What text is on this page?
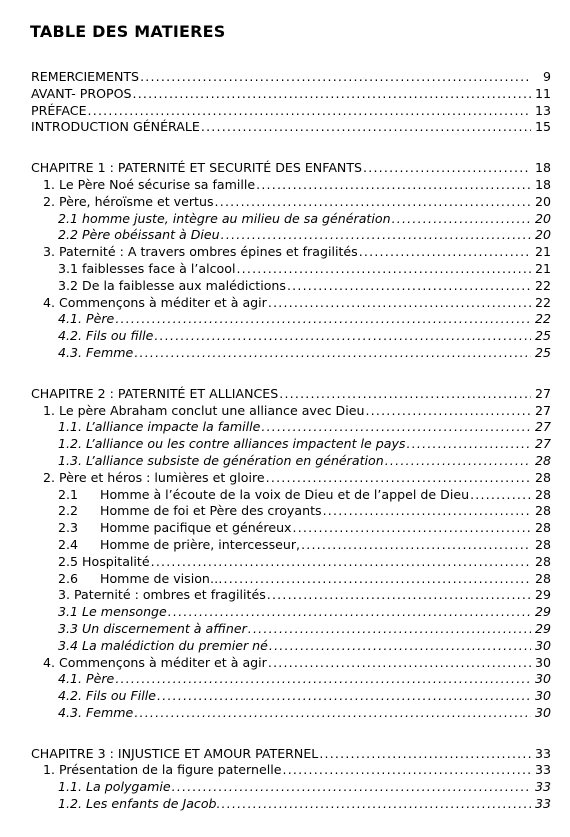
TABLE DES MATIERES
REMERCIEMENTS . . .	9
AVANT- PROPOS . . .	11
PRÉFACE . . .	13
INTRODUCTION GÉNÉRALE . . .	15
CHAPITRE 1 : PATERNITÉ ET SECURITÉ DES ENFANTS . . .	18
1. Le Père Noé sécurise sa famille . . .	18
2. Père, héroïsme et vertus . . .	20
2.1 homme juste, intègre au milieu de sa génération . . .	20
2.2 Père obéissant à Dieu . . .	20
3. Paternité : A travers ombres épines et fragilités . . .	21
3.1 faiblesses face à l’alcool . . .	21
3.2 De la faiblesse aux malédictions . . .	22
4. Commençons à méditer et à agir . . .	22
4.1. Père . . .	22
4.2. Fils ou fille . . .	25
4.3. Femme . . .	25
CHAPITRE 2 : PATERNITÉ ET ALLIANCES . . .	27
1. Le père Abraham conclut une alliance avec Dieu . . .	27
1.1. L’alliance impacte la famille . . .	27
1.2. L’alliance ou les contre alliances impactent le pays . . .	27
1.3. L’alliance subsiste de génération en génération . . .	28
2. Père et héros : lumières et gloire . . .	28
2.1 Homme à l’écoute de la voix de Dieu et de l’appel de Dieu . . .	28
2.2 Homme de foi et Père des croyants . . .	28
2.3 Homme pacifique et généreux . . .	28
2.4 Homme de prière, intercesseur, . . .	28
2.5 Hospitalité . . .	28
2.6 Homme de vision… . . .	28
3. Paternité : ombres et fragilités . . .	29
3.1 Le mensonge . . .	29
3.3 Un discernement à affiner . . .	29
3.4 La malédiction du premier né . . .	30
4. Commençons à méditer et à agir . . .	30
4.1. Père . . .	30
4.2. Fils ou Fille . . .	30
4.3. Femme . . .	30
CHAPITRE 3 : INJUSTICE ET AMOUR PATERNEL . . .	33
1. Présentation de la figure paternelle . . .	33
1.1. La polygamie . . .	33
1.2. Les enfants de Jacob. . . .	33
